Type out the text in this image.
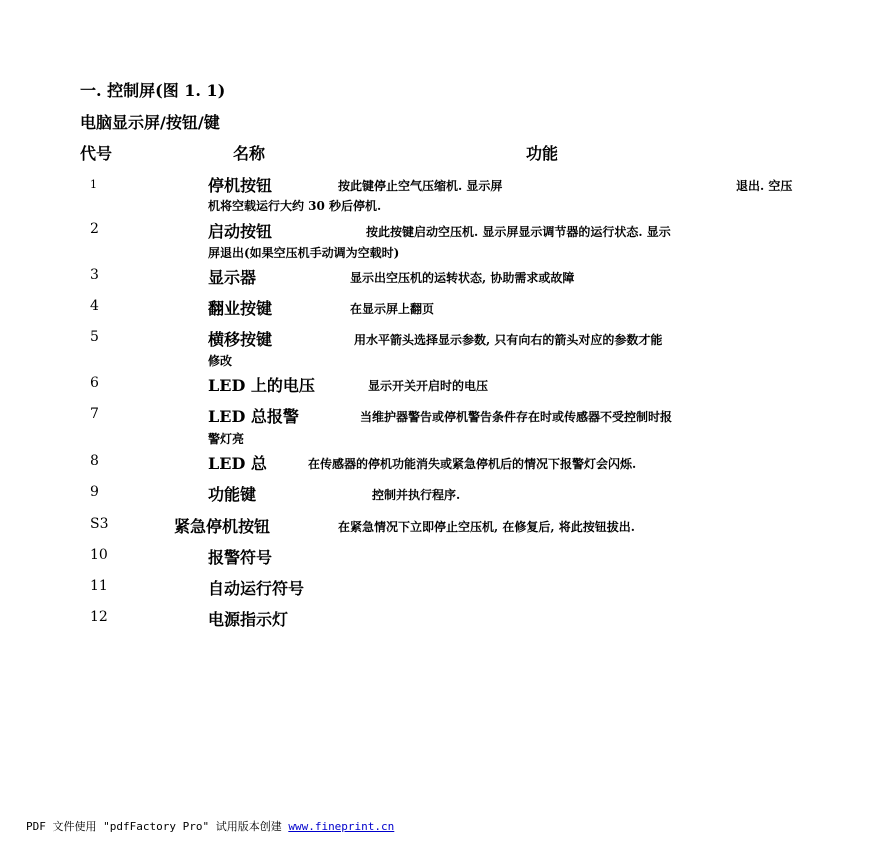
一. 控制屏(图 1. 1)
电脑显示屏/按钮/键
代号	名称	功能
1	停机按钮	按此键停止空气压缩机. 显示屏	退出. 空压
机将空载运行大约 30 秒后停机.
2	启动按钮	按此按键启动空压机. 显示屏显示调节器的运行状态. 显示
屏退出(如果空压机手动调为空载时)
3	显示器	显示出空压机的运转状态, 协助需求或故障
4	翻业按键	在显示屏上翻页
5	横移按键	用水平箭头选择显示参数, 只有向右的箭头对应的参数才能
修改
6	LED 上的电压	显示开关开启时的电压
7	LED 总报警	当维护器警告或停机警告条件存在时或传感器不受控制时报
警灯亮
8	LED 总	在传感器的停机功能消失或紧急停机后的情况下报警灯会闪烁.
9	功能键	控制并执行程序.
S3	紧急停机按钮	在紧急情况下立即停止空压机, 在修复后, 将此按钮拔出.
10	报警符号
11	自动运行符号
12	电源指示灯
PDF 文件使用 "pdfFactory Pro" 试用版本创建 www.fineprint.cn
